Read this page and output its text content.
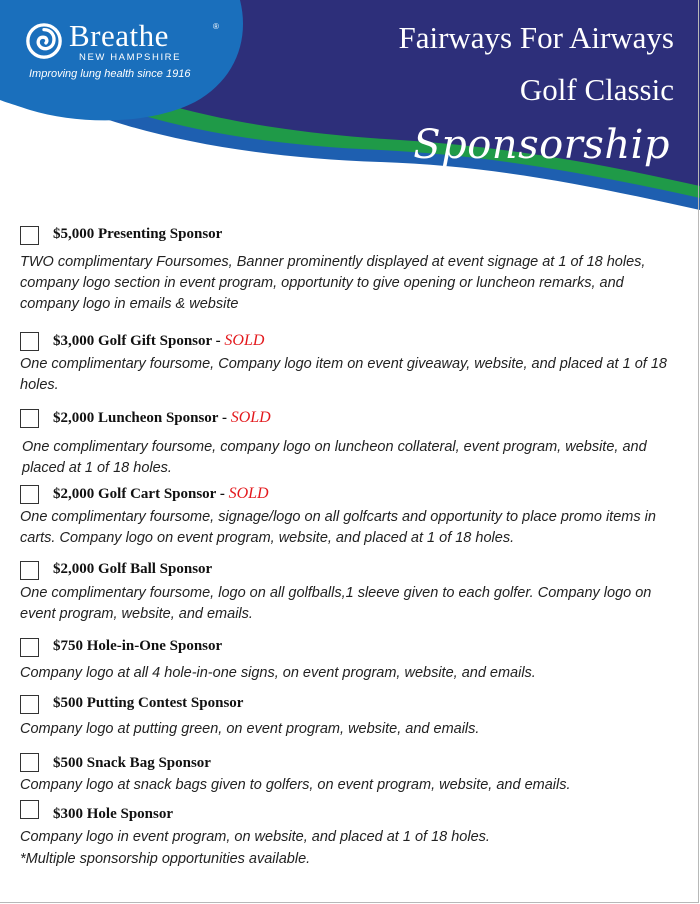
Breathe	®
NEW HAMPSHIRE
Improving lung health since 1916
Fairways For Airways
Golf Classic
Sponsorship
$5,000 Presenting Sponsor

TWO complimentary Foursomes, Banner prominently displayed at event signage at 1 of 18 holes, company logo section in event program, opportunity to give opening or luncheon remarks, and company logo in emails & website

$3,000 Golf Gift Sponsor - SOLD

One complimentary foursome, Company logo item on event giveaway, website, and placed at 1 of 18 holes.

$2,000 Luncheon Sponsor - SOLD

One complimentary foursome, company logo on luncheon collateral, event program, website, and placed at 1 of 18 holes.

$2,000 Golf Cart Sponsor - SOLD

One complimentary foursome, signage/logo on all golfcarts and opportunity to place promo items in carts. Company logo on event program, website, and placed at 1 of 18 holes.

$2,000 Golf Ball Sponsor

One complimentary foursome, logo on all golfballs,1 sleeve given to each golfer. Company logo on event program, website, and emails.

$750 Hole-in-One Sponsor

Company logo at all 4 hole-in-one signs, on event program, website, and emails.

$500 Putting Contest Sponsor

Company logo at putting green, on event program, website, and emails.

$500 Snack Bag Sponsor

Company logo at snack bags given to golfers, on event program, website, and emails.

$300 Hole Sponsor

Company logo in event program, on website, and placed at 1 of 18 holes.

*Multiple sponsorship opportunities available.
